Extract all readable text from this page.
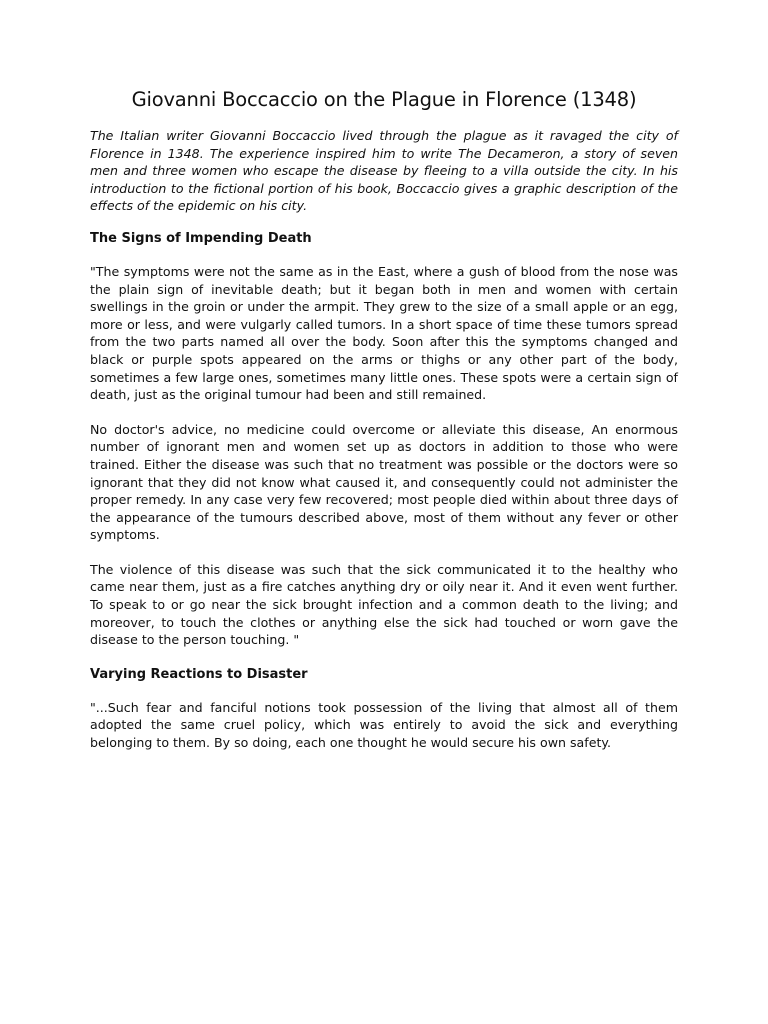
Giovanni Boccaccio on the Plague in Florence (1348)

The Italian writer Giovanni Boccaccio lived through the plague as it ravaged the city of Florence in 1348. The experience inspired him to write The Decameron, a story of seven men and three women who escape the disease by fleeing to a villa outside the city. In his introduction to the fictional portion of his book, Boccaccio gives a graphic description of the effects of the epidemic on his city.

The Signs of Impending Death

"The symptoms were not the same as in the East, where a gush of blood from the nose was the plain sign of inevitable death; but it began both in men and women with certain swellings in the groin or under the armpit. They grew to the size of a small apple or an egg, more or less, and were vulgarly called tumors. In a short space of time these tumors spread from the two parts named all over the body. Soon after this the symptoms changed and black or purple spots appeared on the arms or thighs or any other part of the body, sometimes a few large ones, sometimes many little ones. These spots were a certain sign of death, just as the original tumour had been and still remained.

No doctor's advice, no medicine could overcome or alleviate this disease, An enormous number of ignorant men and women set up as doctors in addition to those who were trained. Either the disease was such that no treatment was possible or the doctors were so ignorant that they did not know what caused it, and consequently could not administer the proper remedy. In any case very few recovered; most people died within about three days of the appearance of the tumours described above, most of them without any fever or other symptoms.

The violence of this disease was such that the sick communicated it to the healthy who came near them, just as a fire catches anything dry or oily near it. And it even went further. To speak to or go near the sick brought infection and a common death to the living; and moreover, to touch the clothes or anything else the sick had touched or worn gave the disease to the person touching. "

Varying Reactions to Disaster

"...Such fear and fanciful notions took possession of the living that almost all of them adopted the same cruel policy, which was entirely to avoid the sick and everything belonging to them. By so doing, each one thought he would secure his own safety.
